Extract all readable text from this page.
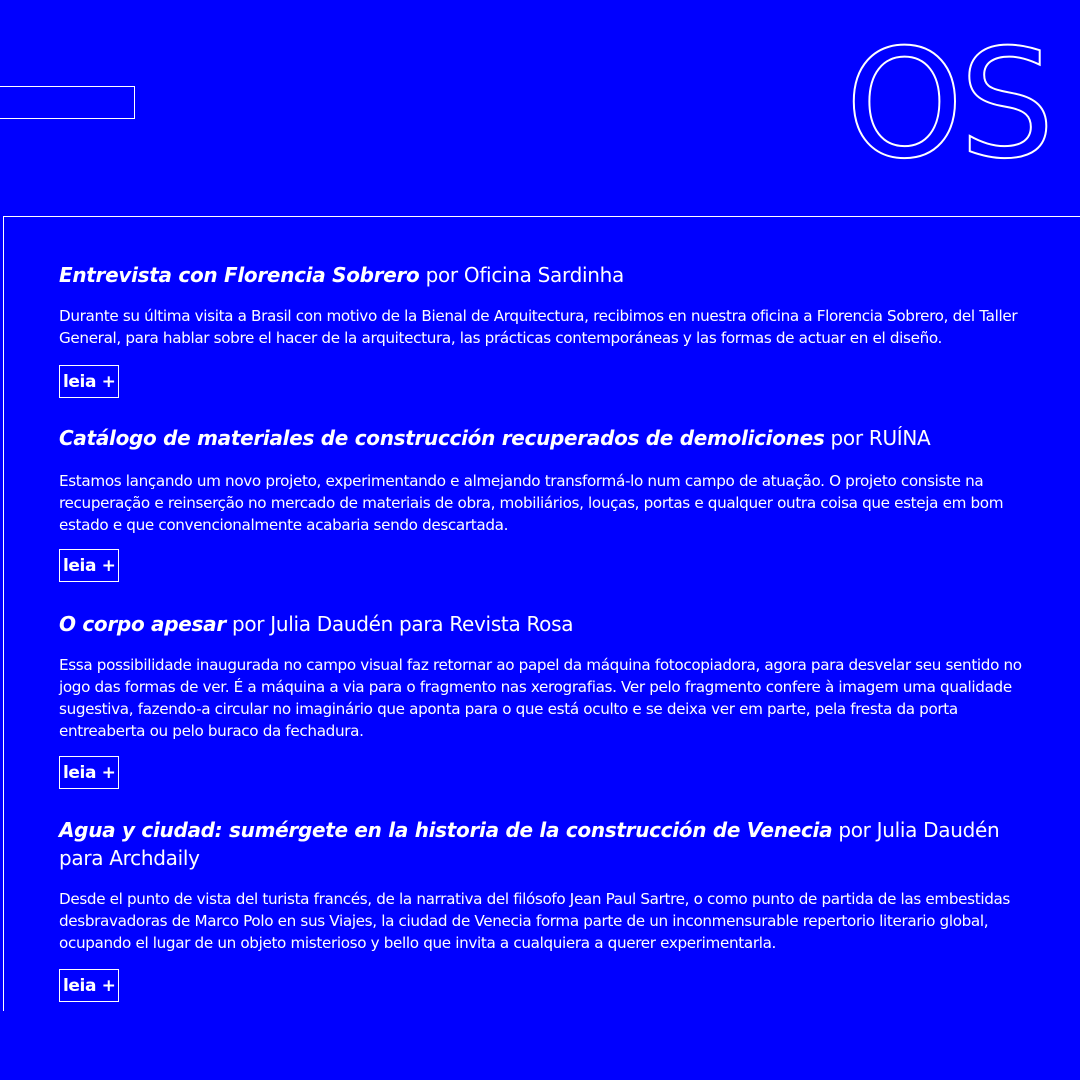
OS
Entrevista con Florencia Sobrero por Oficina Sardinha

Durante su última visita a Brasil con motivo de la Bienal de Arquitectura, recibimos en nuestra oficina a Florencia Sobrero, del Taller General, para hablar sobre el hacer de la arquitectura, las prácticas contemporáneas y las formas de actuar en el diseño.

leia +
Catálogo de materiales de construcción recuperados de demoliciones por RUÍNA

Estamos lançando um novo projeto, experimentando e almejando transformá-lo num campo de atuação. O projeto consiste na recuperação e reinserção no mercado de materiais de obra, mobiliários, louças, portas e qualquer outra coisa que esteja em bom estado e que convencionalmente acabaria sendo descartada.

leia +
O corpo apesar por Julia Daudén para Revista Rosa

Essa possibilidade inaugurada no campo visual faz retornar ao papel da máquina fotocopiadora, agora para desvelar seu sentido no jogo das formas de ver. É a máquina a via para o fragmento nas xerografias. Ver pelo fragmento confere à imagem uma qualidade sugestiva, fazendo-a circular no imaginário que aponta para o que está oculto e se deixa ver em parte, pela fresta da porta entreaberta ou pelo buraco da fechadura.

leia +
Agua y ciudad: sumérgete en la historia de la construcción de Venecia por Julia Daudén para Archdaily

Desde el punto de vista del turista francés, de la narrativa del filósofo Jean Paul Sartre, o como punto de partida de las embestidas desbravadoras de Marco Polo en sus Viajes, la ciudad de Venecia forma parte de un inconmensurable repertorio literario global, ocupando el lugar de un objeto misterioso y bello que invita a cualquiera a querer experimentarla.

leia +
